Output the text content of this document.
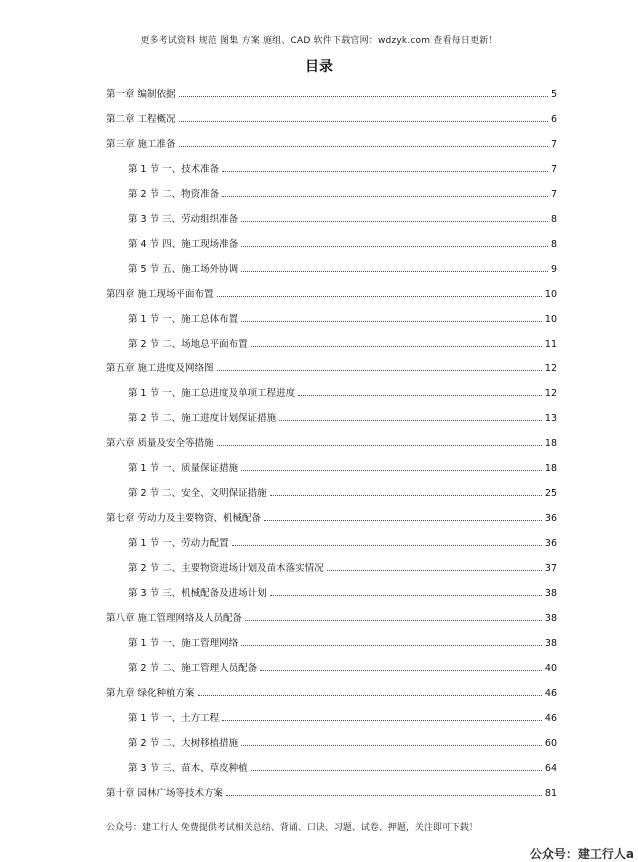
更多考试资料 规范 图集 方案 施组、CAD 软件下载官网：wdzyk.com 查看每日更新！
目录
第一章 编制依据	5
第二章 工程概况	6
第三章 施工准备	7
第 1 节 一、技术准备	7
第 2 节 二、物资准备	7
第 3 节 三、劳动组织准备	8
第 4 节 四、施工现场准备	8
第 5 节 五、施工场外协调	9
第四章 施工现场平面布置	10
第 1 节 一、施工总体布置	10
第 2 节 二、场地总平面布置	11
第五章 施工进度及网络图	12
第 1 节 一、施工总进度及单项工程进度	12
第 2 节 二、施工进度计划保证措施	13
第六章 质量及安全等措施	18
第 1 节 一、质量保证措施	18
第 2 节 二、安全、文明保证措施	25
第七章 劳动力及主要物资、机械配备	36
第 1 节 一、劳动力配置	36
第 2 节 二、主要物资进场计划及苗木落实情况	37
第 3 节 三、机械配备及进场计划	38
第八章 施工管理网络及人员配备	38
第 1 节 一、施工管理网络	38
第 2 节 二、施工管理人员配备	40
第九章 绿化种植方案	46
第 1 节 一、土方工程	46
第 2 节 二、大树移植措施	60
第 3 节 三、苗木、草皮种植	64
第十章 园林广场等技术方案	81
公众号：建工行人 免费提供考试相关总结、背诵、口诀、习题、试卷、押题，关注即可下载！
公众号：建工行人a
